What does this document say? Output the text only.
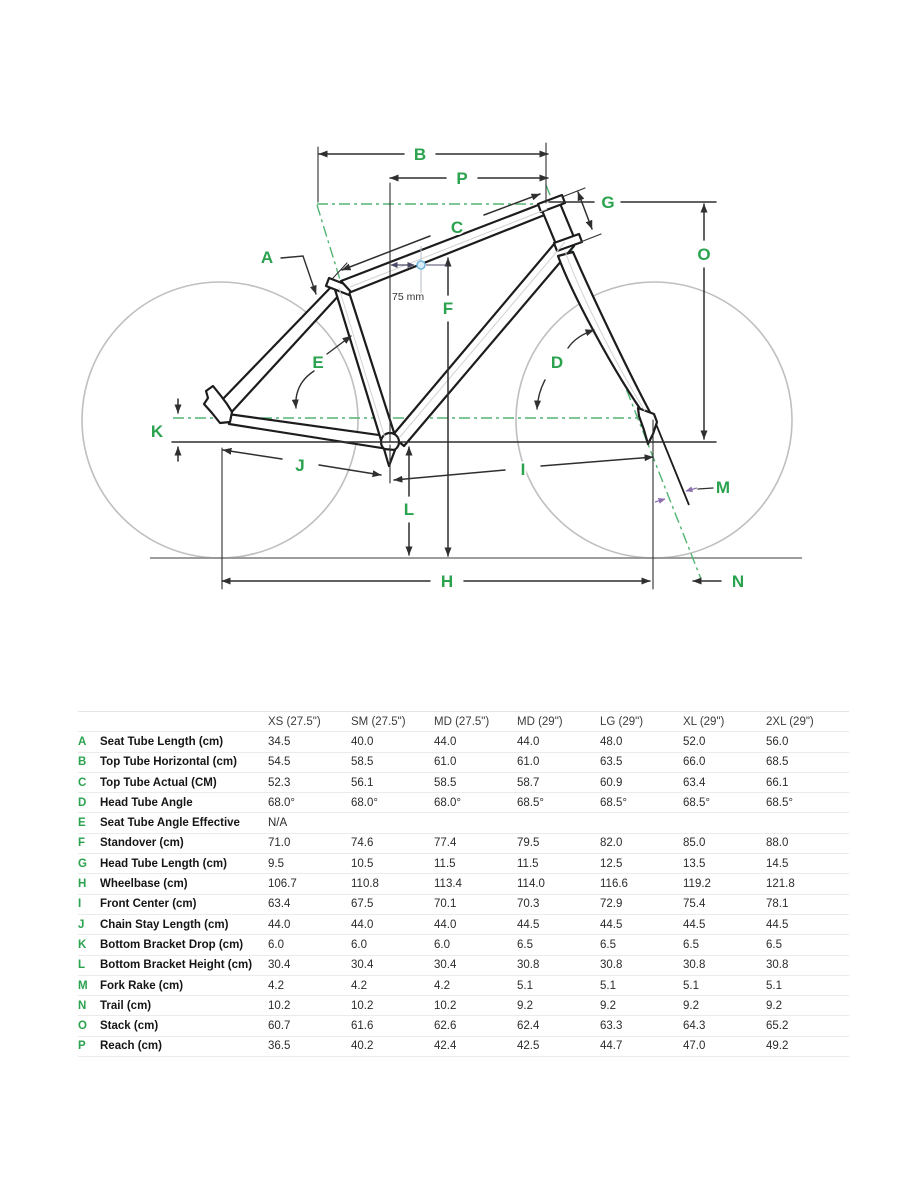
75 mm
A
B
C
D
E
F
G
H
I
J
K
L
M
N
O
P
		XS (27.5")	SM (27.5")	MD (27.5")	MD (29")	LG (29")	XL (29")	2XL (29")
A	Seat Tube Length (cm)	34.5	40.0	44.0	44.0	48.0	52.0	56.0
B	Top Tube Horizontal (cm)	54.5	58.5	61.0	61.0	63.5	66.0	68.5
C	Top Tube Actual (CM)	52.3	56.1	58.5	58.7	60.9	63.4	66.1
D	Head Tube Angle	68.0°	68.0°	68.0°	68.5°	68.5°	68.5°	68.5°
E	Seat Tube Angle Effective	N/A						
F	Standover (cm)	71.0	74.6	77.4	79.5	82.0	85.0	88.0
G	Head Tube Length (cm)	9.5	10.5	11.5	11.5	12.5	13.5	14.5
H	Wheelbase (cm)	106.7	110.8	113.4	114.0	116.6	119.2	121.8
I	Front Center (cm)	63.4	67.5	70.1	70.3	72.9	75.4	78.1
J	Chain Stay Length (cm)	44.0	44.0	44.0	44.5	44.5	44.5	44.5
K	Bottom Bracket Drop (cm)	6.0	6.0	6.0	6.5	6.5	6.5	6.5
L	Bottom Bracket Height (cm)	30.4	30.4	30.4	30.8	30.8	30.8	30.8
M	Fork Rake (cm)	4.2	4.2	4.2	5.1	5.1	5.1	5.1
N	Trail (cm)	10.2	10.2	10.2	9.2	9.2	9.2	9.2
O	Stack (cm)	60.7	61.6	62.6	62.4	63.3	64.3	65.2
P	Reach (cm)	36.5	40.2	42.4	42.5	44.7	47.0	49.2
